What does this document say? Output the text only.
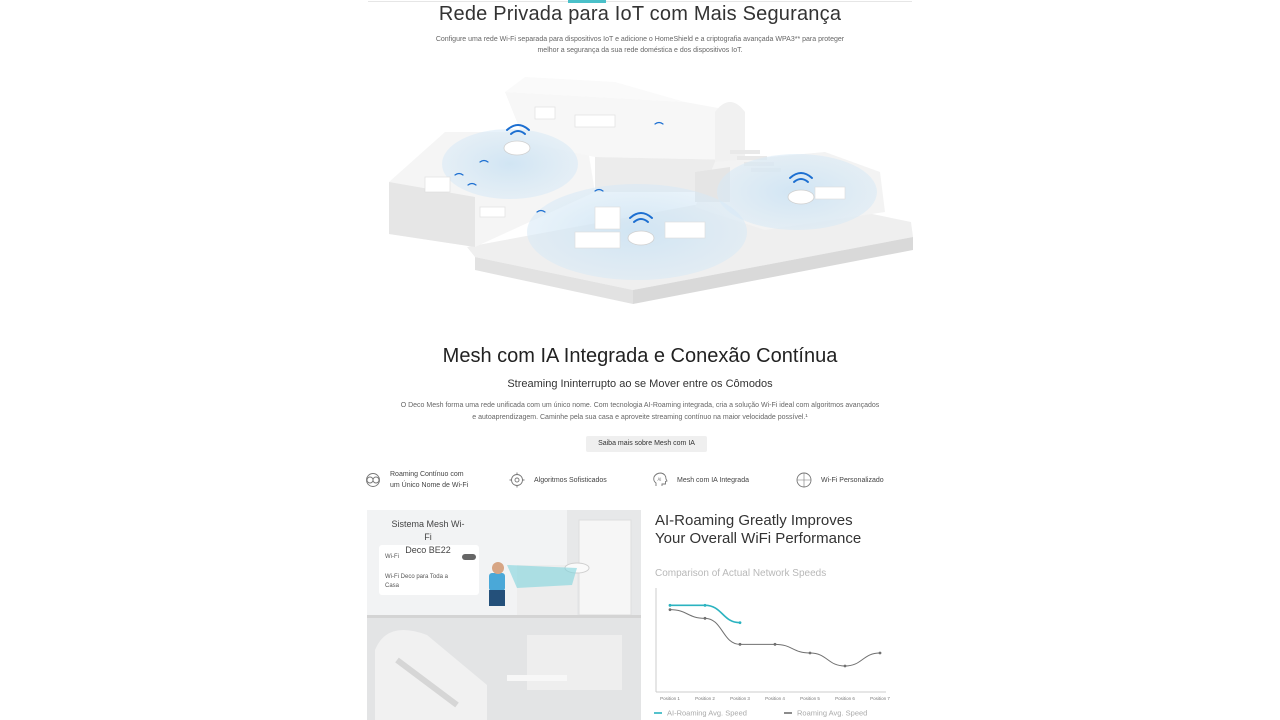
Rede Privada para IoT com Mais Segurança
Configure uma rede Wi-Fi separada para dispositivos IoT e adicione o HomeShield e a criptografia avançada WPA3** para proteger
melhor a segurança da sua rede doméstica e dos dispositivos IoT.
Mesh com IA Integrada e Conexão Contínua
Streaming Ininterrupto ao se Mover entre os Cômodos
O Deco Mesh forma uma rede unificada com um único nome. Com tecnologia AI-Roaming integrada, cria a solução Wi-Fi ideal com algoritmos avançados
e autoaprendizagem. Caminhe pela sua casa e aproveite streaming contínuo na maior velocidade possível.¹
Saiba mais sobre Mesh com IA
Roaming Contínuo com
um Único Nome de Wi-Fi
Algoritmos Sofisticados	AI Mesh com IA Integrada	Wi-Fi Personalizado
Sistema Mesh Wi-Fi
Deco BE22
Wi-Fi
Wi-Fi Deco para Toda a
Casa
AI-Roaming Greatly Improves
Your Overall WiFi Performance
Comparison of Actual Network Speeds
Position 1	Position 2	Position 3	Position 4	Position 5	Position 6	Position 7
AI-Roaming Avg. Speed	Roaming Avg. Speed
